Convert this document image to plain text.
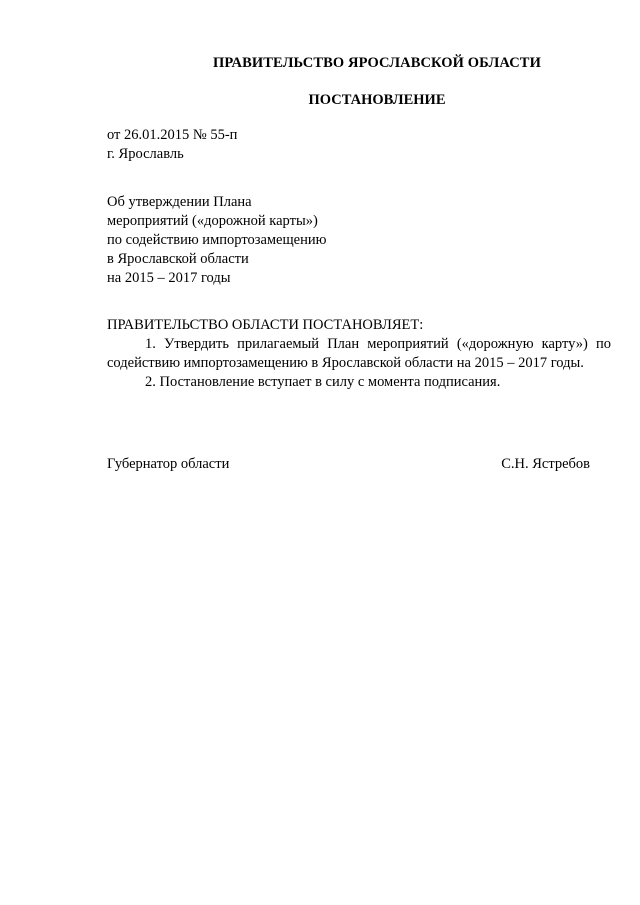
ПРАВИТЕЛЬСТВО ЯРОСЛАВСКОЙ ОБЛАСТИ
ПОСТАНОВЛЕНИЕ
от 26.01.2015 № 55-п
г. Ярославль
Об утверждении Плана
мероприятий («дорожной карты»)
по содействию импортозамещению
в Ярославской области
на 2015 – 2017 годы
ПРАВИТЕЛЬСТВО ОБЛАСТИ ПОСТАНОВЛЯЕТ:
1. Утвердить прилагаемый План мероприятий («дорожную карту») по содействию импортозамещению в Ярославской области на 2015 – 2017 годы.
2. Постановление вступает в силу с момента подписания.
Губернатор области	С.Н. Ястребов
